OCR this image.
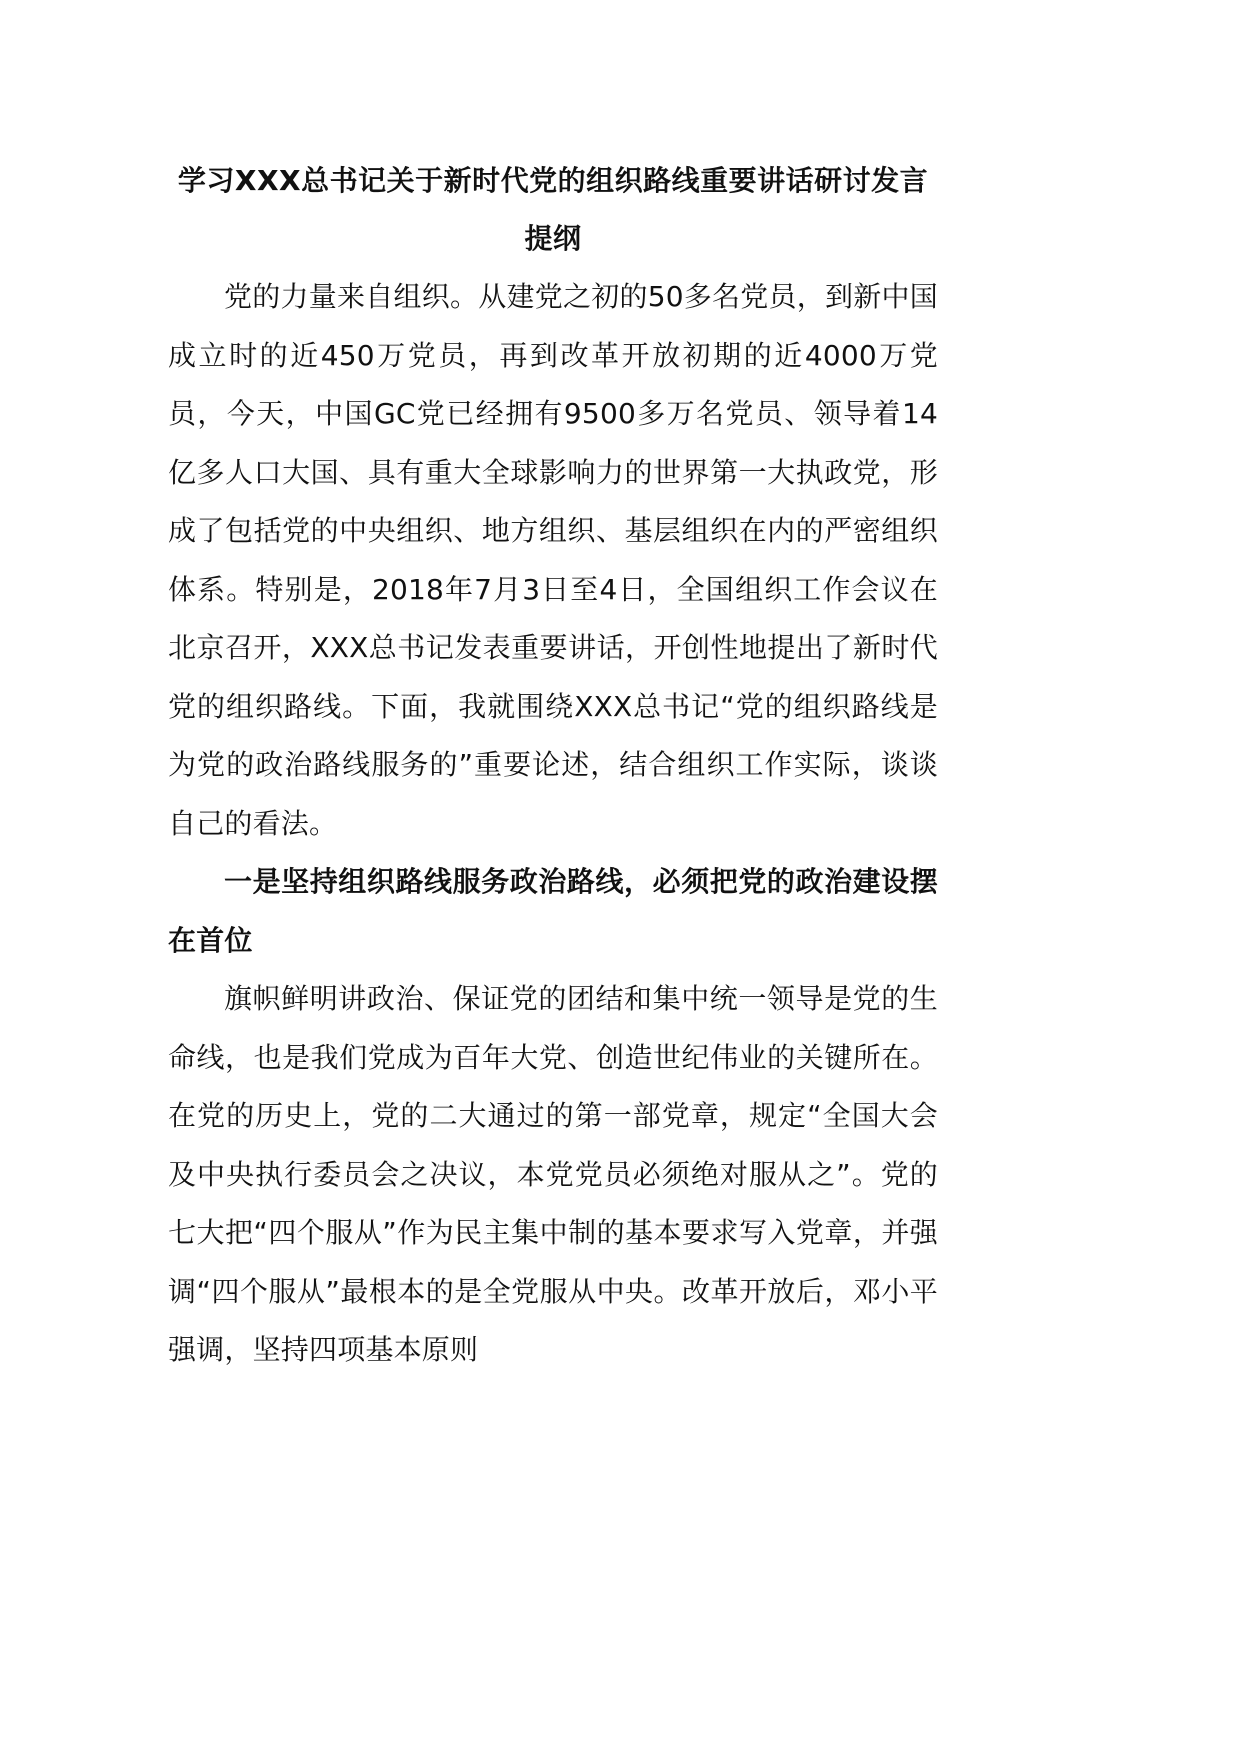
学习XXX总书记关于新时代党的组织路线重要讲话研讨发言提纲

党的力量来自组织。从建党之初的50多名党员，到新中国成立时的近450万党员，再到改革开放初期的近4000万党员，今天，中国GC党已经拥有9500多万名党员、领导着14亿多人口大国、具有重大全球影响力的世界第一大执政党，形成了包括党的中央组织、地方组织、基层组织在内的严密组织体系。特别是，2018年7月3日至4日，全国组织工作会议在北京召开，XXX总书记发表重要讲话，开创性地提出了新时代党的组织路线。下面，我就围绕XXX总书记“党的组织路线是为党的政治路线服务的”重要论述，结合组织工作实际，谈谈自己的看法。

一是坚持组织路线服务政治路线，必须把党的政治建设摆在首位

旗帜鲜明讲政治、保证党的团结和集中统一领导是党的生命线，也是我们党成为百年大党、创造世纪伟业的关键所在。在党的历史上，党的二大通过的第一部党章，规定“全国大会及中央执行委员会之决议，本党党员必须绝对服从之”。党的七大把“四个服从”作为民主集中制的基本要求写入党章，并强调“四个服从”最根本的是全党服从中央。改革开放后，邓小平强调，坚持四项基本原则
